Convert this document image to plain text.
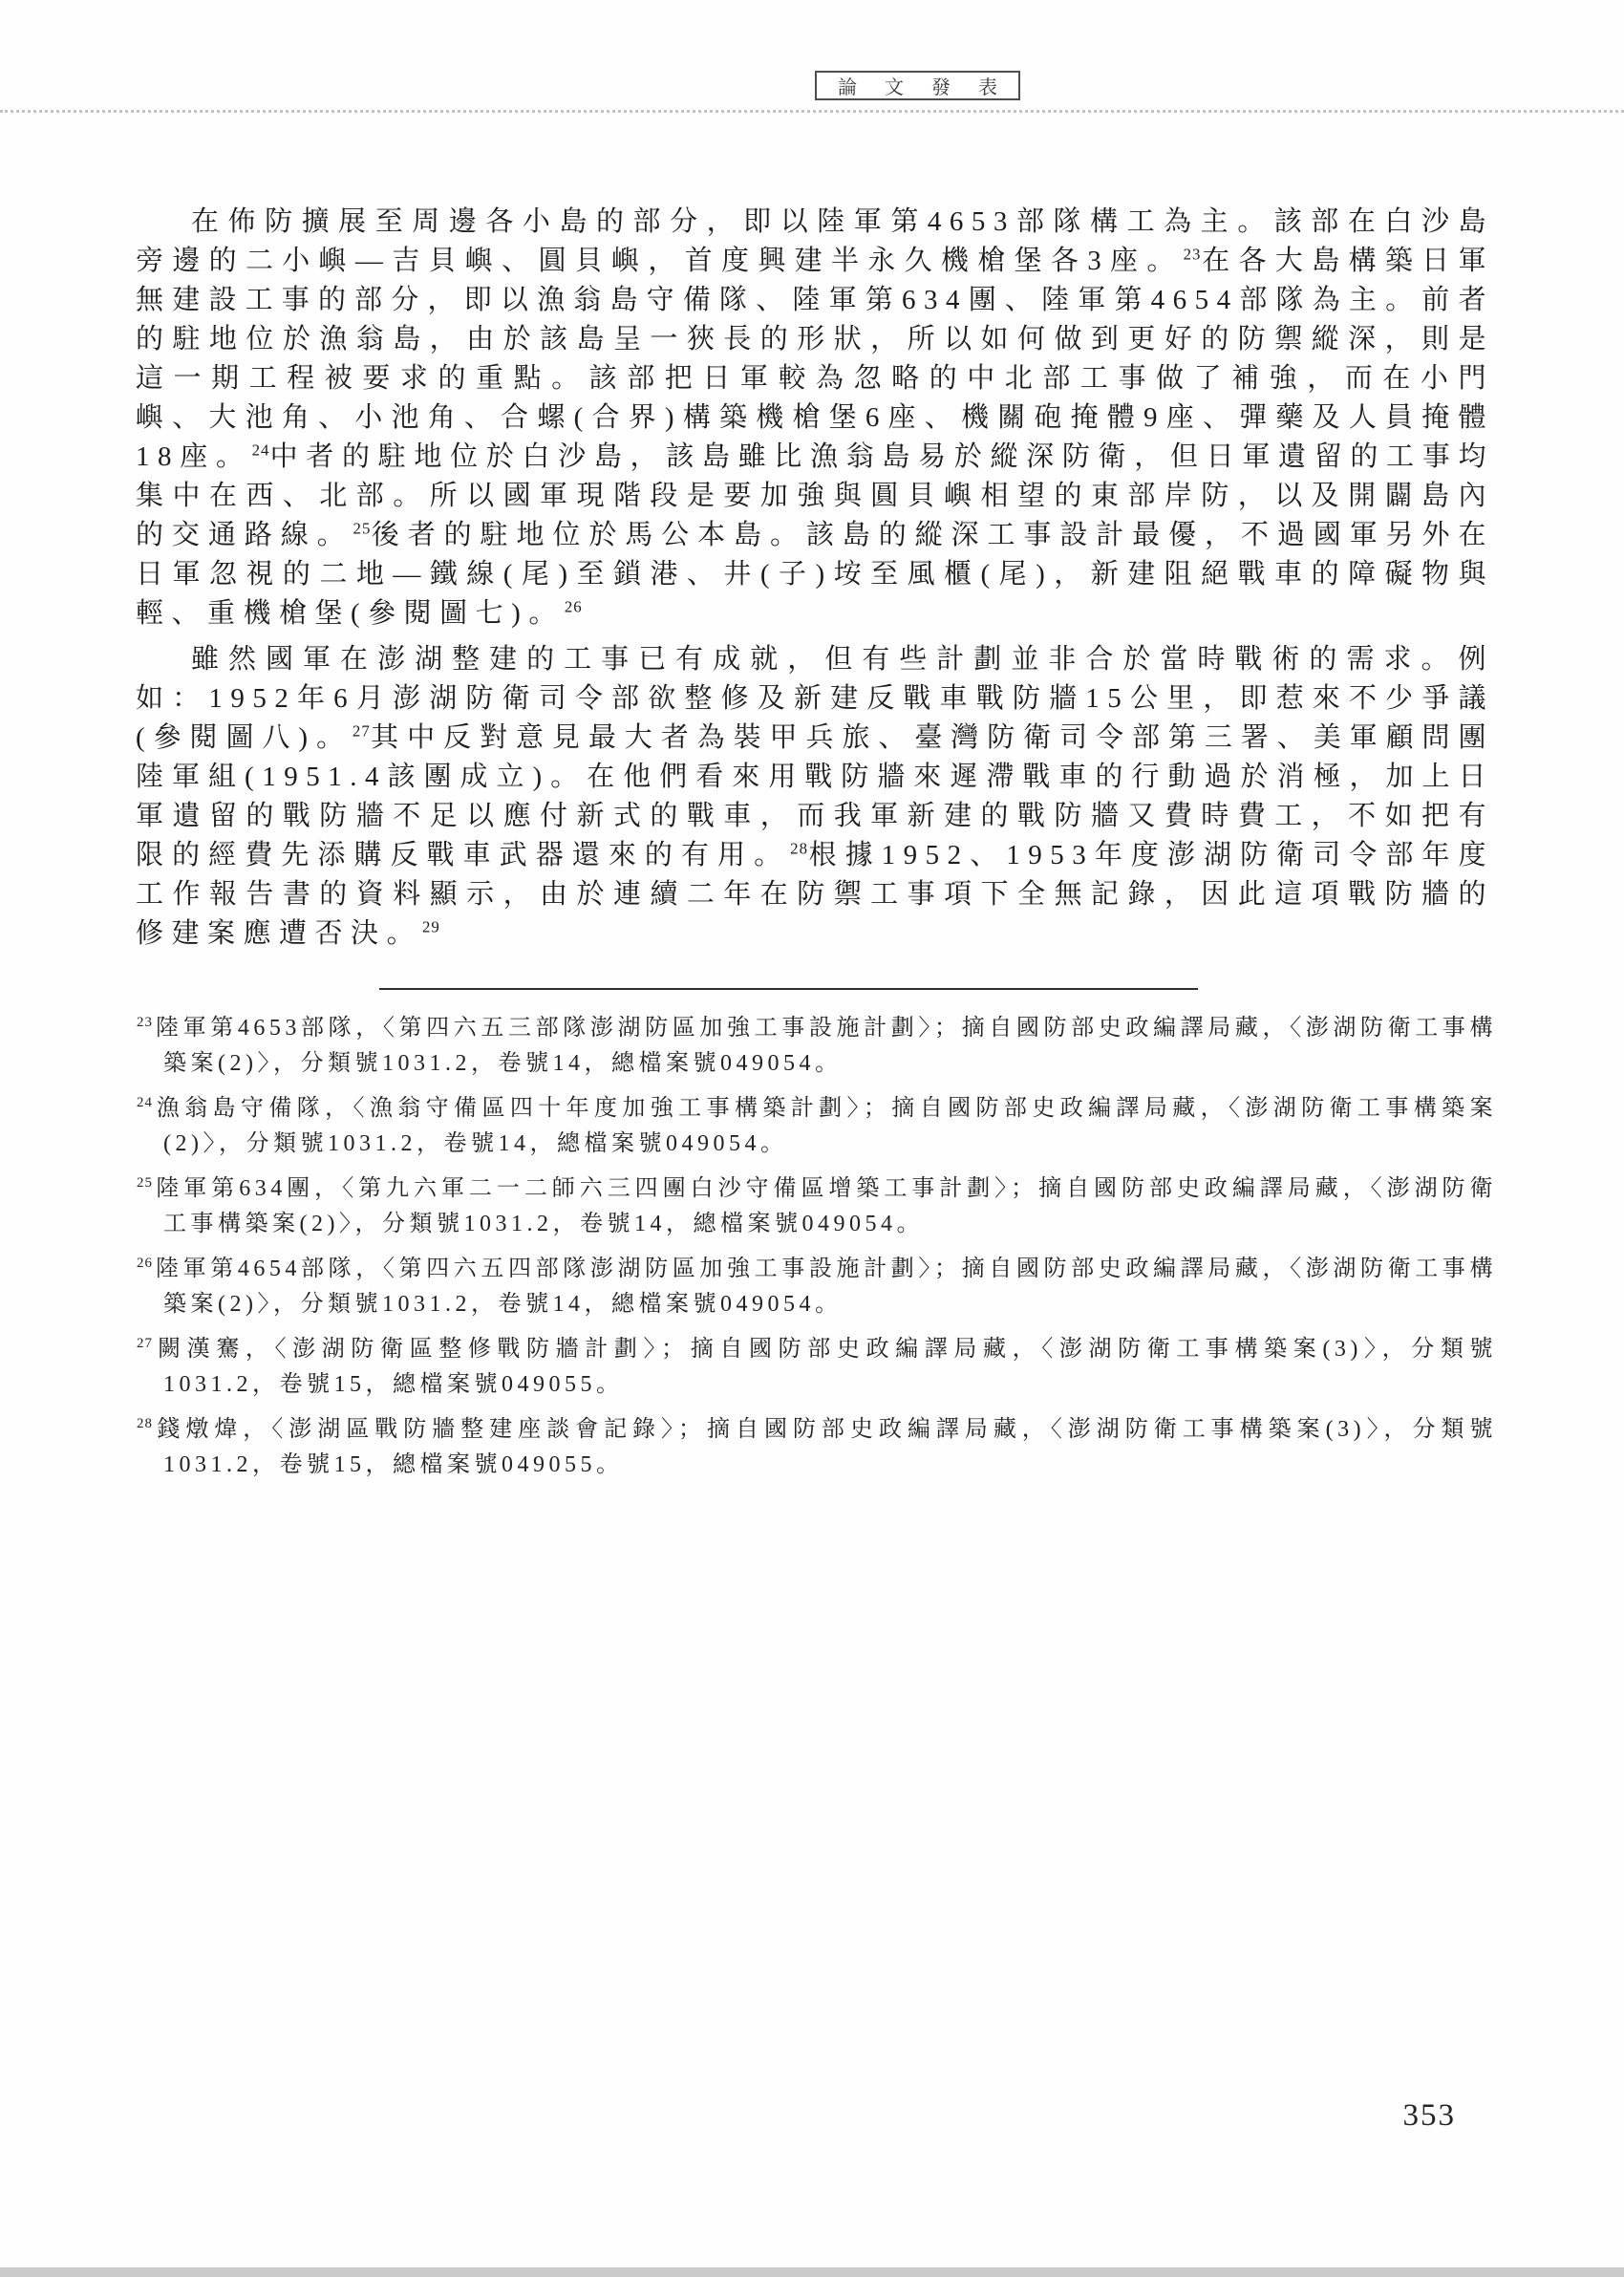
論 文 發 表

在佈防擴展至周邊各小島的部分，即以陸軍第4653部隊構工為主。該部在白沙島旁邊的二小嶼—吉貝嶼、圓貝嶼，首度興建半永久機槍堡各3座。$^{23}$在各大島構築日軍無建設工事的部分，即以漁翁島守備隊、陸軍第634團、陸軍第4654部隊為主。前者的駐地位於漁翁島，由於該島呈一狹長的形狀，所以如何做到更好的防禦縱深，則是這一期工程被要求的重點。該部把日軍較為忽略的中北部工事做了補強，而在小門嶼、大池角、小池角、合螺(合界)構築機槍堡6座、機關砲掩體9座、彈藥及人員掩體18座。$^{24}$中者的駐地位於白沙島，該島雖比漁翁島易於縱深防衛，但日軍遺留的工事均集中在西、北部。所以國軍現階段是要加強與圓貝嶼相望的東部岸防，以及開闢島內的交通路線。$^{25}$後者的駐地位於馬公本島。該島的縱深工事設計最優，不過國軍另外在日軍忽視的二地—鐵線(尾)至鎖港、井(子)垵至風櫃(尾)，新建阻絕戰車的障礙物與輕、重機槍堡(參閱圖七)。$^{26}$

雖然國軍在澎湖整建的工事已有成就，但有些計劃並非合於當時戰術的需求。例如：1952年6月澎湖防衛司令部欲整修及新建反戰車戰防牆15公里，即惹來不少爭議(參閱圖八)。$^{27}$其中反對意見最大者為裝甲兵旅、臺灣防衛司令部第三署、美軍顧問團陸軍組(1951.4該團成立)。在他們看來用戰防牆來遲滯戰車的行動過於消極，加上日軍遺留的戰防牆不足以應付新式的戰車，而我軍新建的戰防牆又費時費工，不如把有限的經費先添購反戰車武器還來的有用。$^{28}$根據1952、1953年度澎湖防衛司令部年度工作報告書的資料顯示，由於連續二年在防禦工事項下全無記錄，因此這項戰防牆的修建案應遭否決。$^{29}$

$^{23}$ 陸軍第4653部隊，〈第四六五三部隊澎湖防區加強工事設施計劃〉；摘自國防部史政編譯局藏，〈澎湖防衛工事構築案(2)〉，分類號1031.2，卷號14，總檔案號049054。
$^{24}$ 漁翁島守備隊，〈漁翁守備區四十年度加強工事構築計劃〉；摘自國防部史政編譯局藏，〈澎湖防衛工事構築案(2)〉，分類號1031.2，卷號14，總檔案號049054。
$^{25}$ 陸軍第634團，〈第九六軍二一二師六三四團白沙守備區增築工事計劃〉；摘自國防部史政編譯局藏，〈澎湖防衛工事構築案(2)〉，分類號1031.2，卷號14，總檔案號049054。
$^{26}$ 陸軍第4654部隊，〈第四六五四部隊澎湖防區加強工事設施計劃〉；摘自國防部史政編譯局藏，〈澎湖防衛工事構築案(2)〉，分類號1031.2，卷號14，總檔案號049054。
$^{27}$ 闕漢騫，〈澎湖防衛區整修戰防牆計劃〉；摘自國防部史政編譯局藏，〈澎湖防衛工事構築案(3)〉，分類號1031.2，卷號15，總檔案號049055。
$^{28}$ 錢燉煒，〈澎湖區戰防牆整建座談會記錄〉；摘自國防部史政編譯局藏，〈澎湖防衛工事構築案(3)〉，分類號1031.2，卷號15，總檔案號049055。
353
